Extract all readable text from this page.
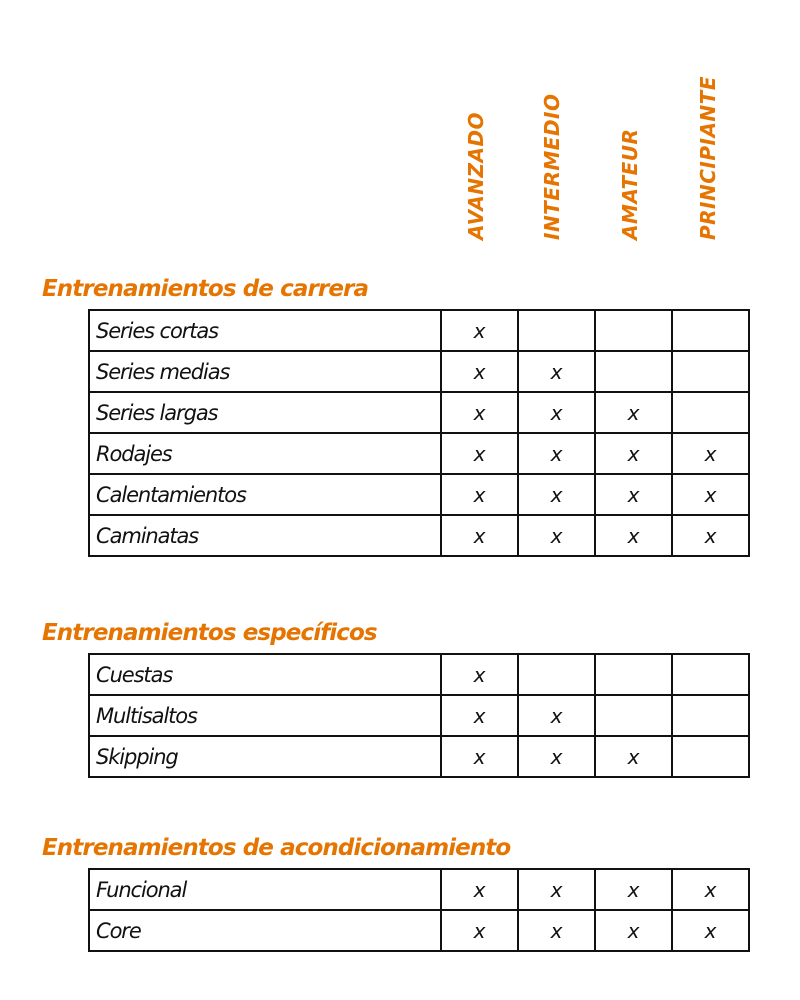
AVANZADO	INTERMEDIO	AMATEUR	PRINCIPIANTE
Entrenamientos de carrera
Series cortas	x			
Series medias	x	x		
Series largas	x	x	x	
Rodajes	x	x	x	x
Calentamientos	x	x	x	x
Caminatas	x	x	x	x
Entrenamientos específicos
Cuestas	x			
Multisaltos	x	x		
Skipping	x	x	x	
Entrenamientos de acondicionamiento
Funcional	x	x	x	x
Core	x	x	x	x
